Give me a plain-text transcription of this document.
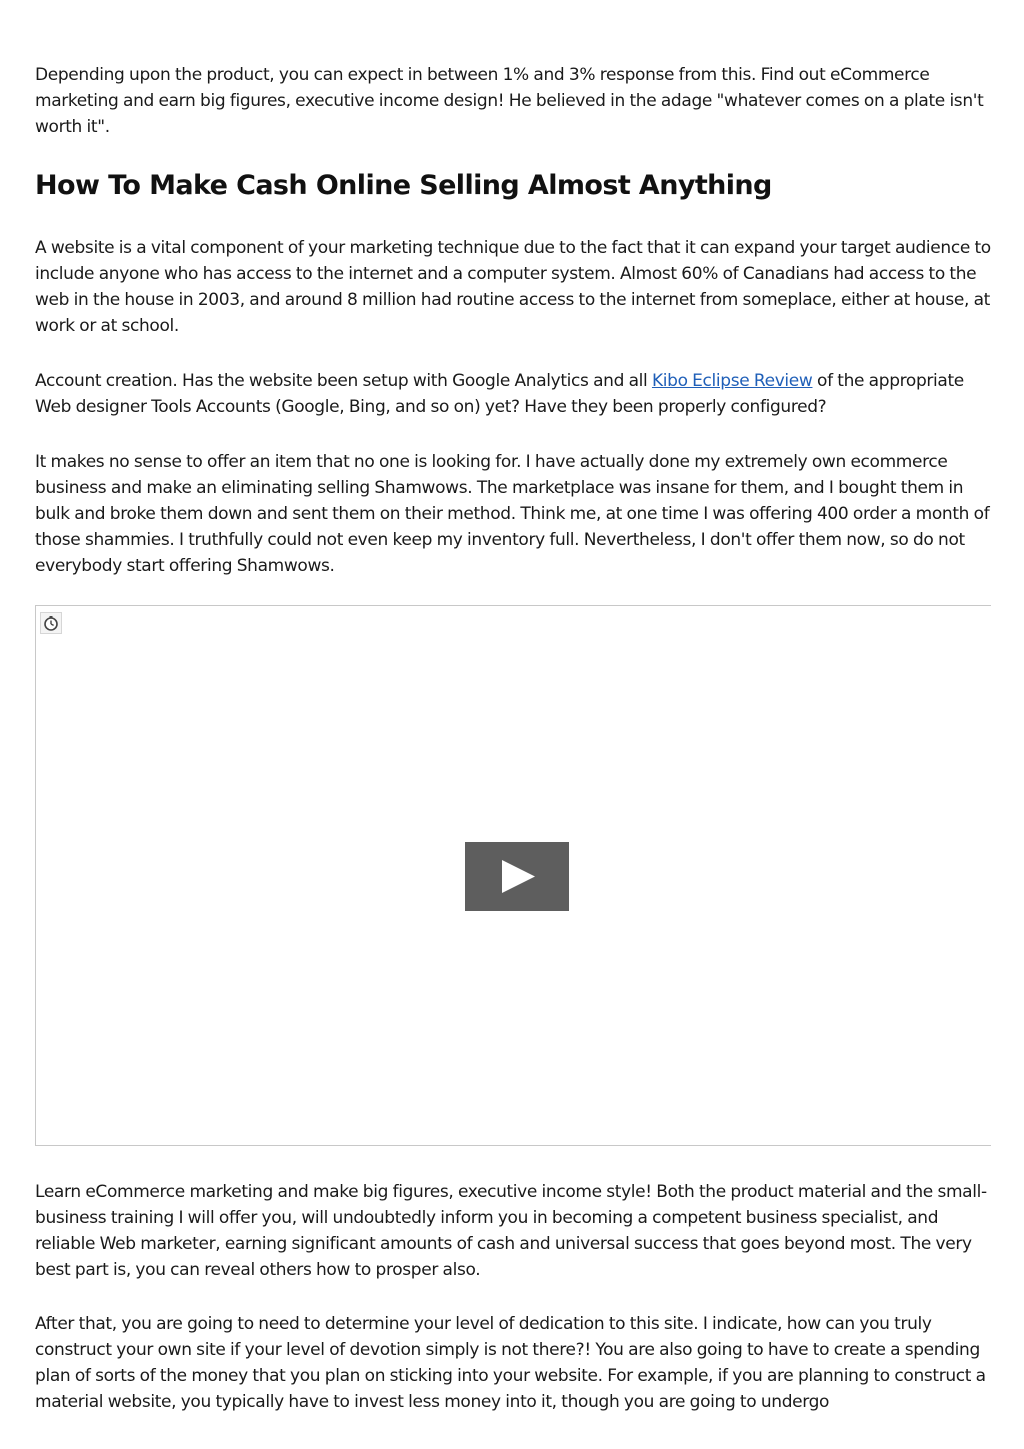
Depending upon the product, you can expect in between 1% and 3% response from this. Find out eCommerce marketing and earn big figures, executive income design! He believed in the adage "whatever comes on a plate isn't worth it".

How To Make Cash Online Selling Almost Anything

A website is a vital component of your marketing technique due to the fact that it can expand your target audience to include anyone who has access to the internet and a computer system. Almost 60% of Canadians had access to the web in the house in 2003, and around 8 million had routine access to the internet from someplace, either at house, at work or at school.

Account creation. Has the website been setup with Google Analytics and all Kibo Eclipse Review of the appropriate Web designer Tools Accounts (Google, Bing, and so on) yet? Have they been properly configured?

It makes no sense to offer an item that no one is looking for. I have actually done my extremely own ecommerce business and make an eliminating selling Shamwows. The marketplace was insane for them, and I bought them in bulk and broke them down and sent them on their method. Think me, at one time I was offering 400 order a month of those shammies. I truthfully could not even keep my inventory full. Nevertheless, I don't offer them now, so do not everybody start offering Shamwows.

Learn eCommerce marketing and make big figures, executive income style! Both the product material and the small-business training I will offer you, will undoubtedly inform you in becoming a competent business specialist, and reliable Web marketer, earning significant amounts of cash and universal success that goes beyond most. The very best part is, you can reveal others how to prosper also.

After that, you are going to need to determine your level of dedication to this site. I indicate, how can you truly construct your own site if your level of devotion simply is not there?! You are also going to have to create a spending plan of sorts of the money that you plan on sticking into your website. For example, if you are planning to construct a material website, you typically have to invest less money into it, though you are going to undergo
